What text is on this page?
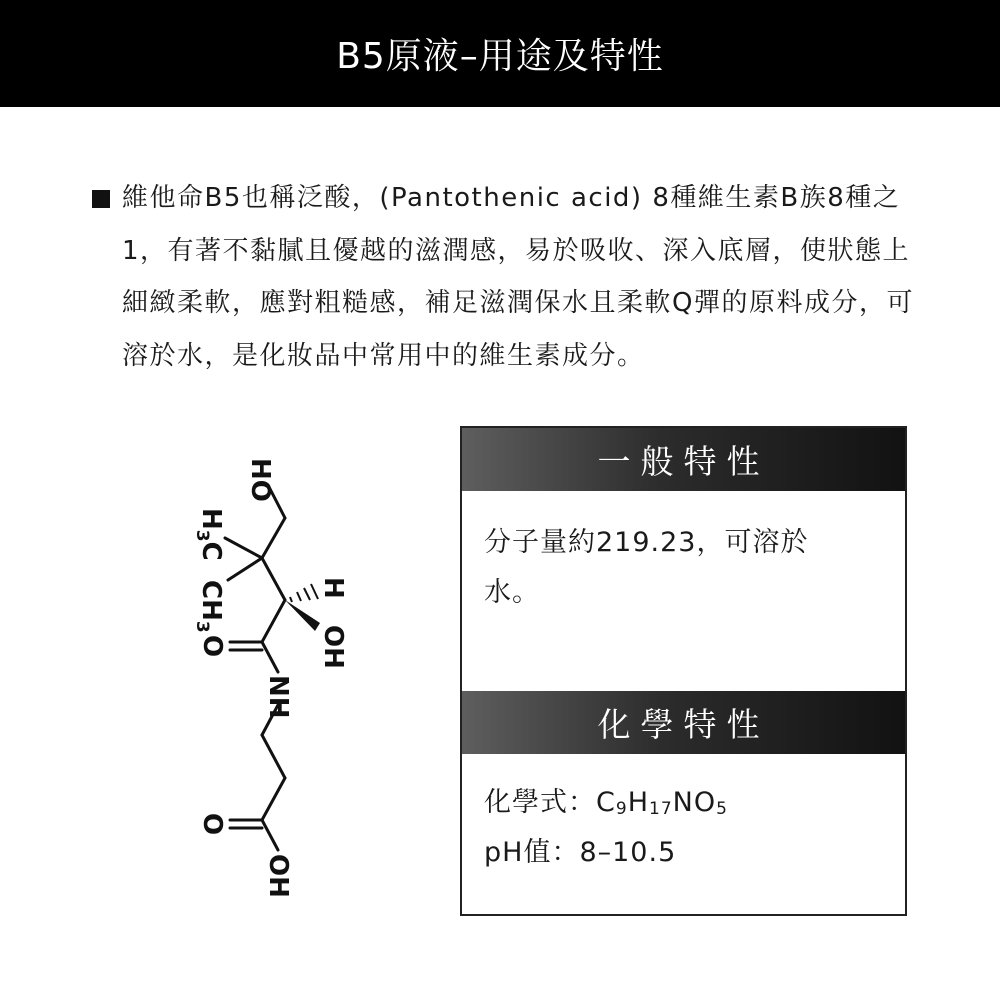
B5原液–用途及特性
維他命B5也稱泛酸，(Pantothenic acid) 8種維生素B族8種之1，有著不黏膩且優越的滋潤感，易於吸收、深入底層，使狀態上細緻柔軟，應對粗糙感，補足滋潤保水且柔軟Q彈的原料成分，可溶於水，是化妝品中常用中的維生素成分。
HO
$H_3C$
$CH_3$
O
H
OH
NH
O
OH
一般特性
分子量約219.23，可溶於水。
化學特性
化學式：$C_9H_{17}NO_5$
pH值：8–10.5
